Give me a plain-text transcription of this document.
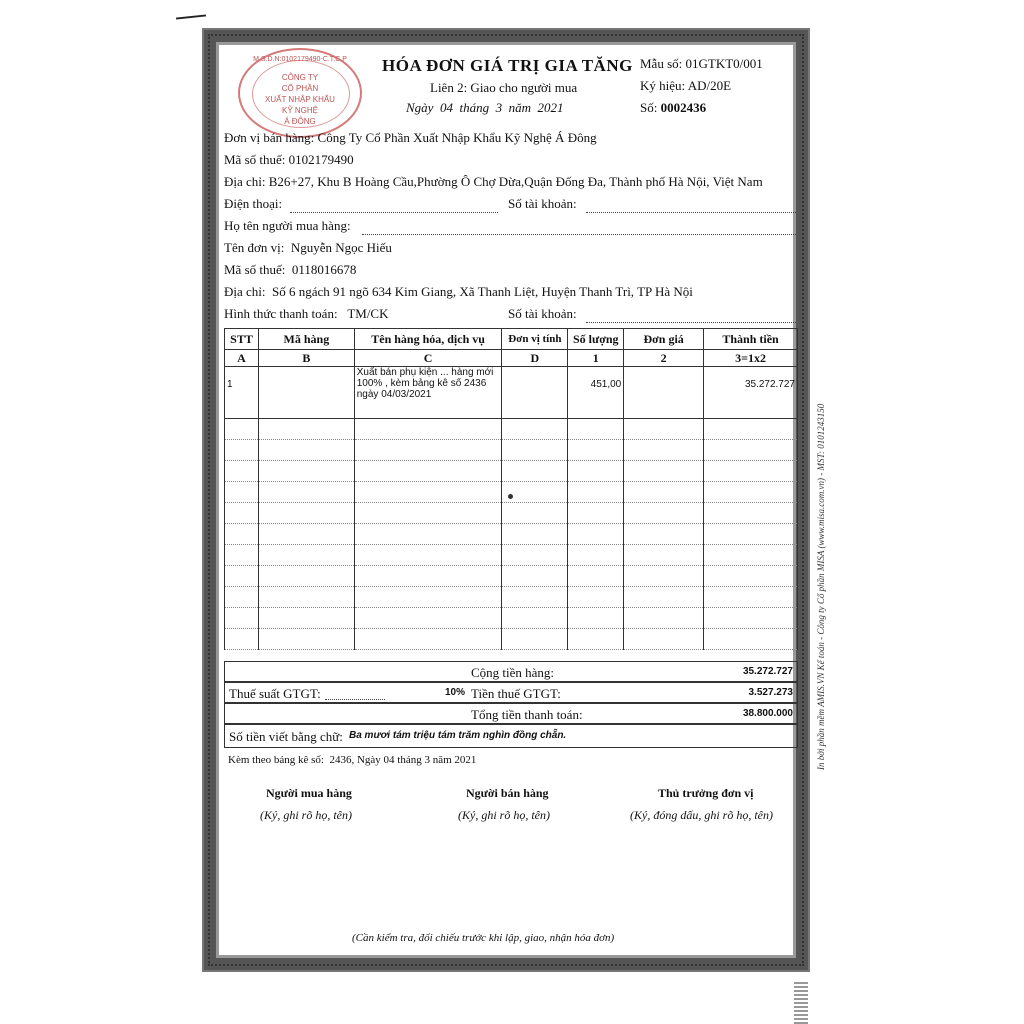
M.S.D.N:0102179490-C.T.C.P
CÔNG TY
CỔ PHẦN
XUẤT NHẬP KHẨU
KỸ NGHỆ
Á ĐÔNG
HÓA ĐƠN GIÁ TRỊ GIA TĂNG
Liên 2: Giao cho người mua
Ngày 04 tháng 3 năm 2021
Mẫu số: 01GTKT0/001
Ký hiệu: AD/20E
Số: 0002436
Đơn vị bán hàng: Công Ty Cổ Phần Xuất Nhập Khẩu Kỹ Nghệ Á Đông
Mã số thuế: 0102179490
Địa chỉ: B26+27, Khu B Hoàng Cầu,Phường Ô Chợ Dừa,Quận Đống Đa, Thành phố Hà Nội, Việt Nam
Điện thoại:	Số tài khoản:
Họ tên người mua hàng:
Tên đơn vị: Nguyễn Ngọc Hiếu
Mã số thuế: 0118016678
Địa chỉ: Số 6 ngách 91 ngõ 634 Kim Giang, Xã Thanh Liệt, Huyện Thanh Trì, TP Hà Nội
Hình thức thanh toán: TM/CK	Số tài khoản:
STT	Mã hàng	Tên hàng hóa, dịch vụ	Đơn vị tính	Số lượng	Đơn giá	Thành tiền
A	B	C	D	1	2	3=1x2
1		Xuất bán phụ kiện ... hàng mới 100% , kèm bảng kê số 2436 ngày 04/03/2021		451,00		35.272.727

Cộng tiền hàng:	35.272.727
Thuế suất GTGT:	10% Tiền thuế GTGT:	3.527.273
Tổng tiền thanh toán:	38.800.000
Số tiền viết bằng chữ: Ba mươi tám triệu tám trăm nghìn đồng chẵn.
Kèm theo bảng kê số: 2436, Ngày 04 tháng 3 năm 2021
Người mua hàng
(Ký, ghi rõ họ, tên)
Người bán hàng
(Ký, ghi rõ họ, tên)
Thủ trưởng đơn vị
(Ký, đóng dấu, ghi rõ họ, tên)
(Cần kiểm tra, đối chiếu trước khi lập, giao, nhận hóa đơn)
In bởi phần mềm AMIS.VN Kế toán - Công ty Cổ phần MISA (www.misa.com.vn) - MST: 0101243150
